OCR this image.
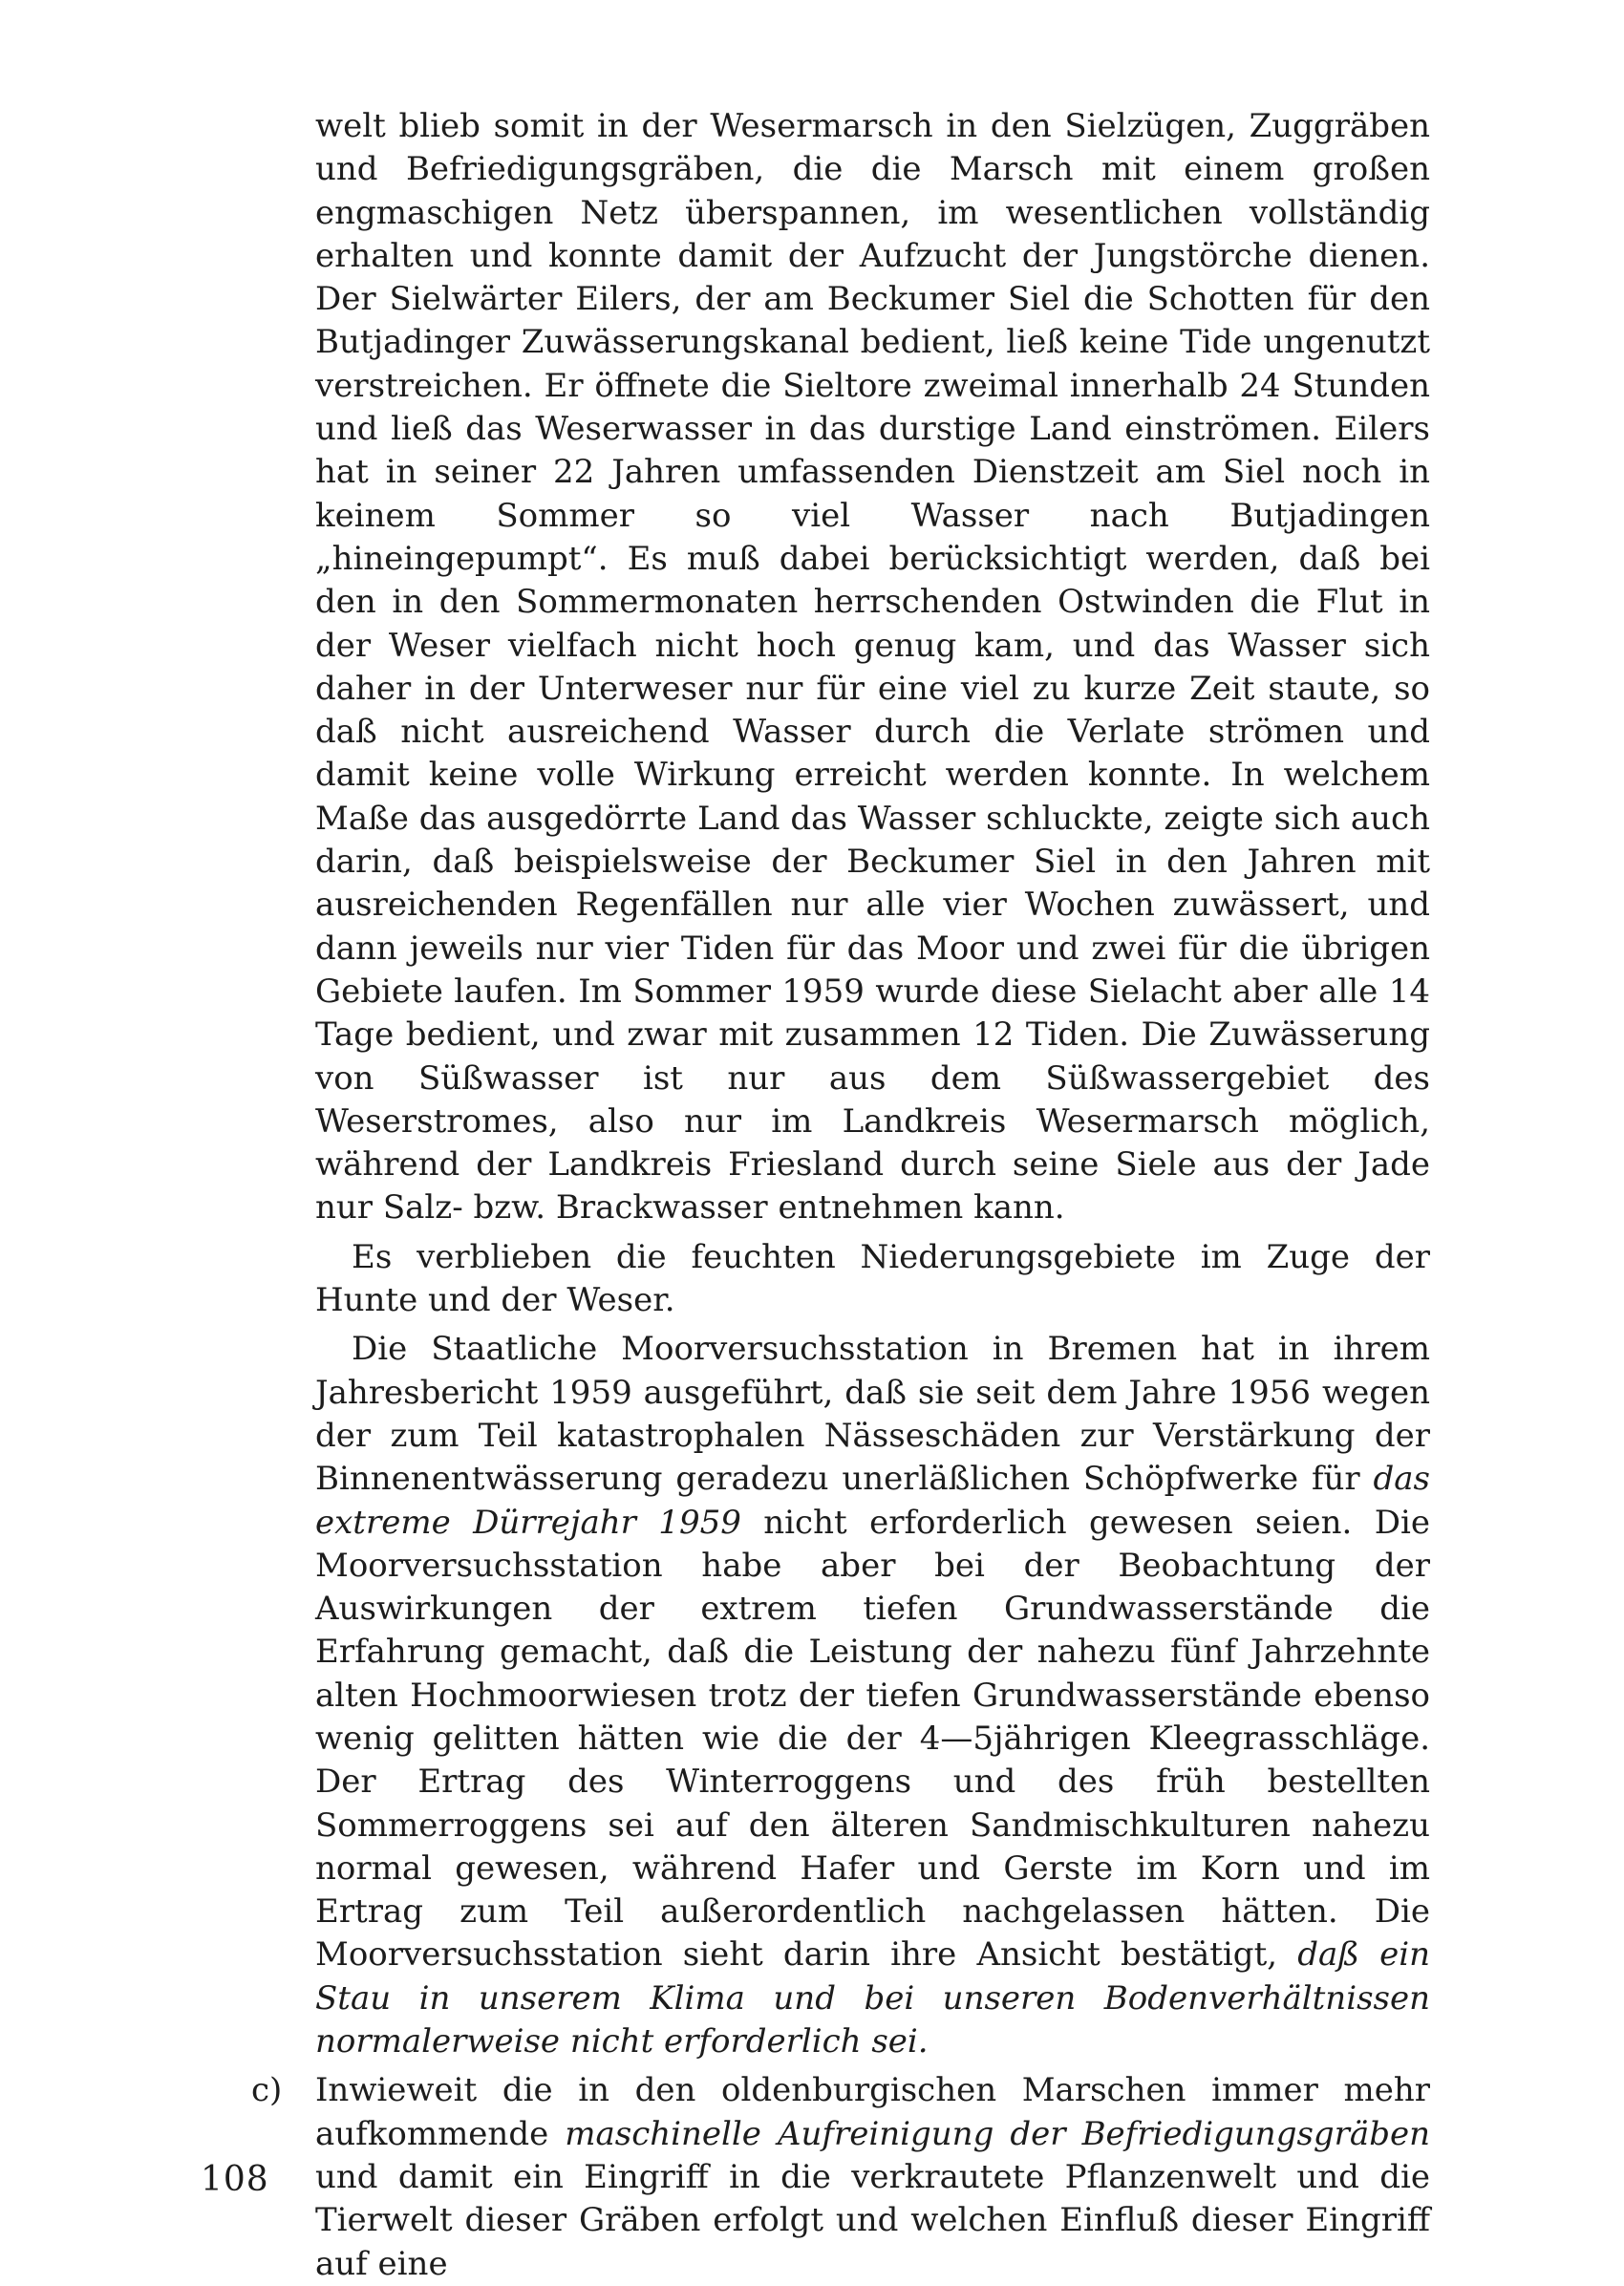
welt blieb somit in der Wesermarsch in den Sielzügen, Zuggräben und Befriedigungsgräben, die die Marsch mit einem großen engmaschigen Netz überspannen, im wesentlichen vollständig erhalten und konnte damit der Aufzucht der Jungstörche dienen. Der Sielwärter Eilers, der am Beckumer Siel die Schotten für den Butjadinger Zuwässerungskanal bedient, ließ keine Tide ungenutzt verstreichen. Er öffnete die Sieltore zweimal innerhalb 24 Stunden und ließ das Weserwasser in das durstige Land einströmen. Eilers hat in seiner 22 Jahren umfassenden Dienstzeit am Siel noch in keinem Sommer so viel Wasser nach Butjadingen „hineingepumpt“. Es muß dabei berücksichtigt werden, daß bei den in den Sommermonaten herrschenden Ostwinden die Flut in der Weser vielfach nicht hoch genug kam, und das Wasser sich daher in der Unterweser nur für eine viel zu kurze Zeit staute, so daß nicht ausreichend Wasser durch die Verlate strömen und damit keine volle Wirkung erreicht werden konnte. In welchem Maße das ausgedörrte Land das Wasser schluckte, zeigte sich auch darin, daß beispielsweise der Beckumer Siel in den Jahren mit ausreichenden Regenfällen nur alle vier Wochen zuwässert, und dann jeweils nur vier Tiden für das Moor und zwei für die übrigen Gebiete laufen. Im Sommer 1959 wurde diese Sielacht aber alle 14 Tage bedient, und zwar mit zusammen 12 Tiden. Die Zuwässerung von Süßwasser ist nur aus dem Süßwassergebiet des Weserstromes, also nur im Landkreis Wesermarsch möglich, während der Landkreis Friesland durch seine Siele aus der Jade nur Salz- bzw. Brackwasser entnehmen kann.

Es verblieben die feuchten Niederungsgebiete im Zuge der Hunte und der Weser.

Die Staatliche Moorversuchsstation in Bremen hat in ihrem Jahresbericht 1959 ausgeführt, daß sie seit dem Jahre 1956 wegen der zum Teil katastrophalen Nässeschäden zur Verstärkung der Binnenentwässerung geradezu unerläßlichen Schöpfwerke für das extreme Dürrejahr 1959 nicht erforderlich gewesen seien. Die Moorversuchsstation habe aber bei der Beobachtung der Auswirkungen der extrem tiefen Grundwasserstände die Erfahrung gemacht, daß die Leistung der nahezu fünf Jahrzehnte alten Hochmoorwiesen trotz der tiefen Grundwasserstände ebenso wenig gelitten hätten wie die der 4—5jährigen Kleegrasschläge. Der Ertrag des Winterroggens und des früh bestellten Sommerroggens sei auf den älteren Sandmischkulturen nahezu normal gewesen, während Hafer und Gerste im Korn und im Ertrag zum Teil außerordentlich nachgelassen hätten. Die Moorversuchsstation sieht darin ihre Ansicht bestätigt, daß ein Stau in unserem Klima und bei unseren Bodenverhältnissen normalerweise nicht erforderlich sei.

c) Inwieweit die in den oldenburgischen Marschen immer mehr aufkommende maschinelle Aufreinigung der Befriedigungsgräben und damit ein Eingriff in die verkrautete Pflanzenwelt und die Tierwelt dieser Gräben erfolgt und welchen Einfluß dieser Eingriff auf eine

108
